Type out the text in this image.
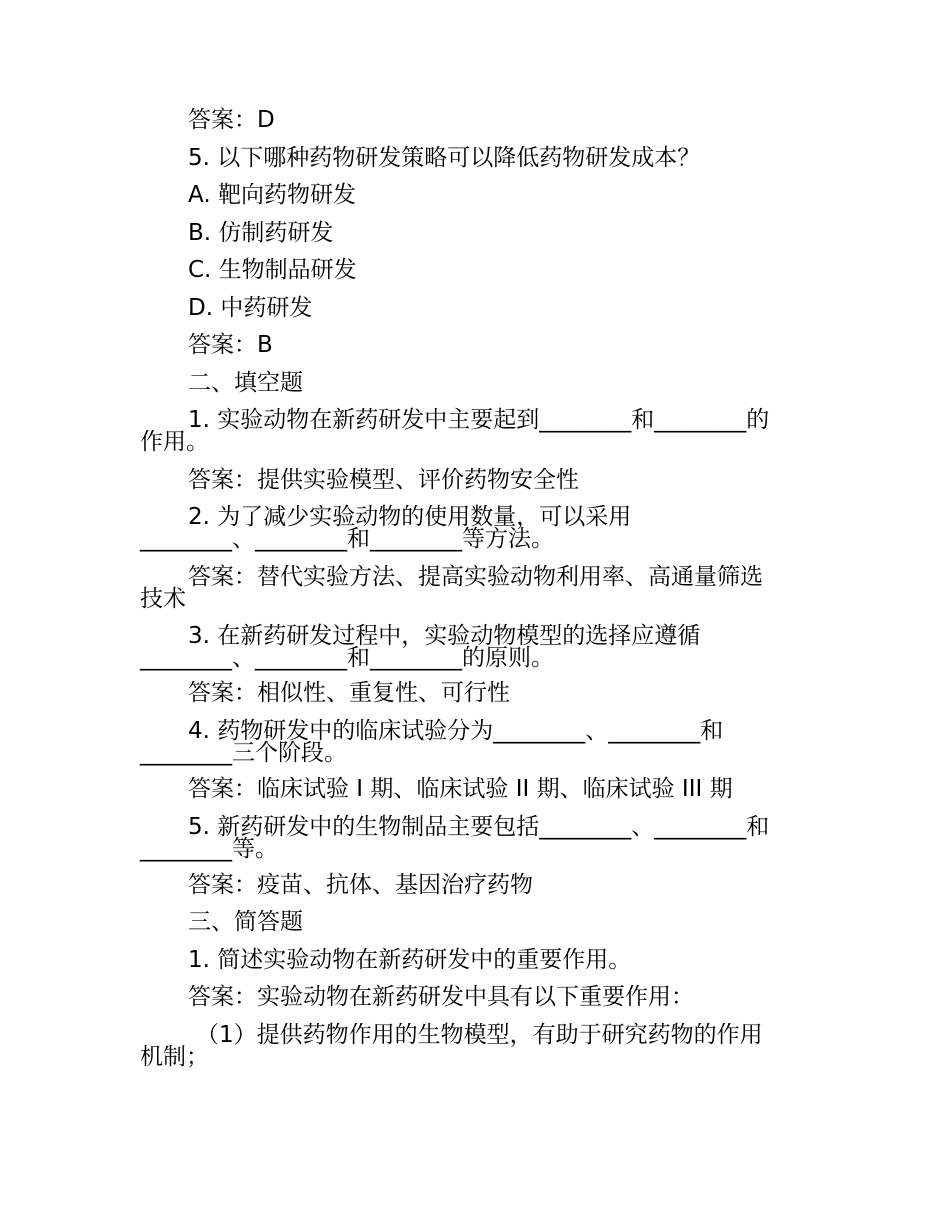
答案：D
5. 以下哪种药物研发策略可以降低药物研发成本？
A. 靶向药物研发
B. 仿制药研发
C. 生物制品研发
D. 中药研发
答案：B
二、填空题
1. 实验动物在新药研发中主要起到________和________的
作用。
答案：提供实验模型、评价药物安全性
2. 为了减少实验动物的使用数量，可以采用
________、________和________等方法。
答案：替代实验方法、提高实验动物利用率、高通量筛选
技术
3. 在新药研发过程中，实验动物模型的选择应遵循
________、________和________的原则。
答案：相似性、重复性、可行性
4. 药物研发中的临床试验分为________、________和
________三个阶段。
答案：临床试验 I 期、临床试验 II 期、临床试验 III 期
5. 新药研发中的生物制品主要包括________、________和
________等。
答案：疫苗、抗体、基因治疗药物
三、简答题
1. 简述实验动物在新药研发中的重要作用。
答案：实验动物在新药研发中具有以下重要作用：
（1）提供药物作用的生物模型，有助于研究药物的作用
机制；
